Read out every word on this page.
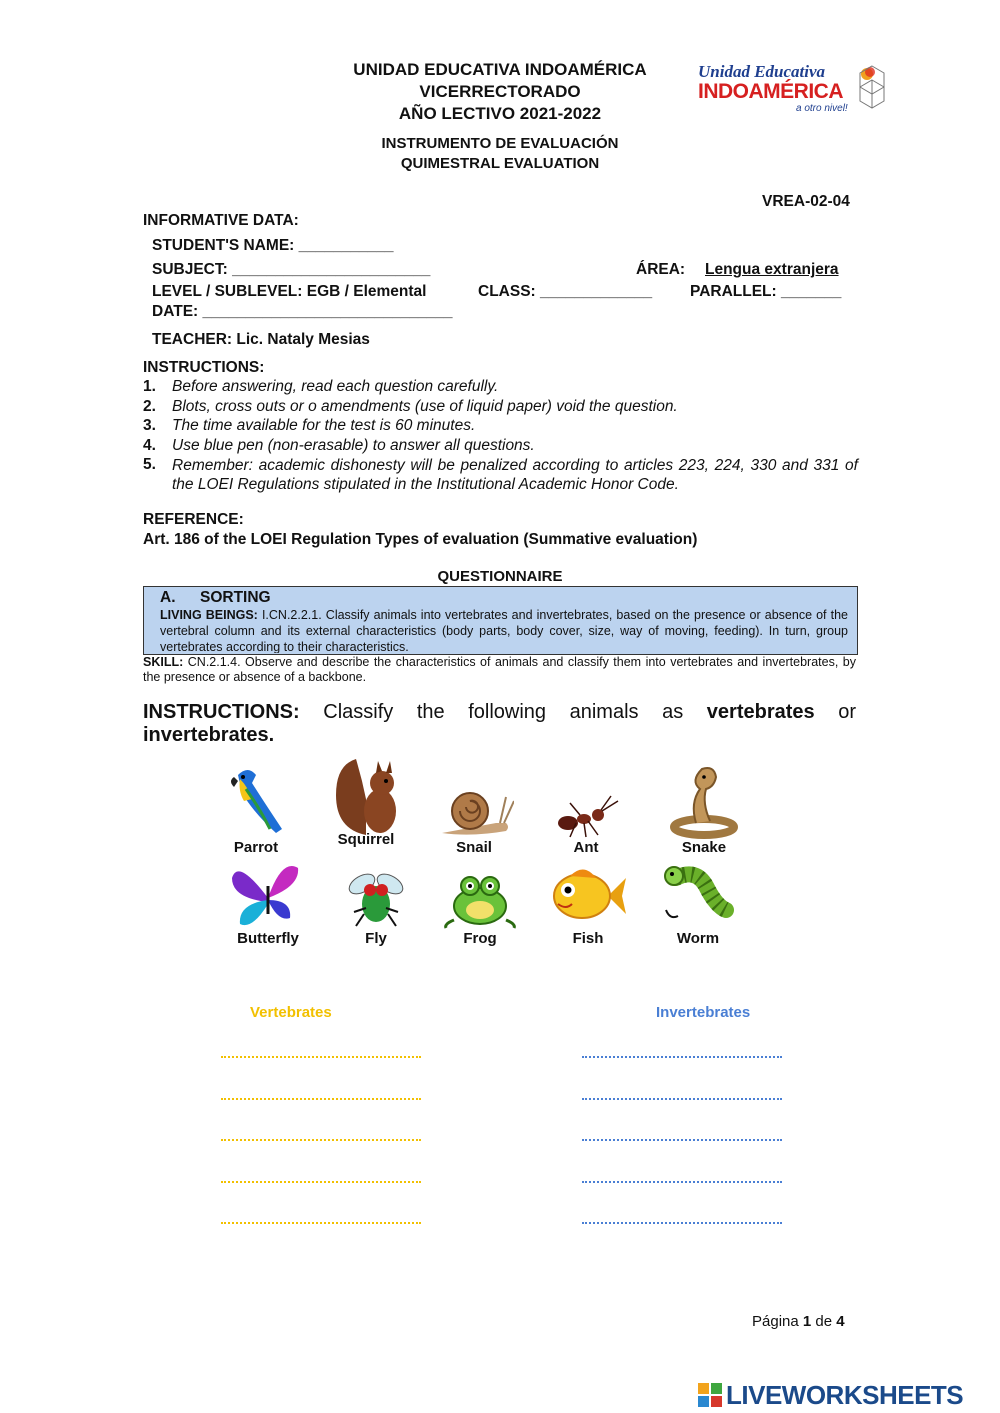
UNIDAD EDUCATIVA INDOAMÉRICA
VICERRECTORADO
AÑO LECTIVO 2021-2022
INSTRUMENTO DE EVALUACIÓN
QUIMESTRAL EVALUATION
Unidad Educativa
INDOAMÉRICA
a otro nivel!
VREA-02-04
INFORMATIVE DATA:
STUDENT'S NAME: ___________
SUBJECT: _______________________	ÁREA: Lengua extranjera
LEVEL / SUBLEVEL: EGB / Elemental	CLASS: _____________ PARALLEL: _______
DATE: _____________________________
TEACHER: Lic. Nataly Mesias
INSTRUCTIONS:
1. Before answering, read each question carefully.
2. Blots, cross outs or o amendments (use of liquid paper) void the question.
3. The time available for the test is 60 minutes.
4. Use blue pen (non-erasable) to answer all questions.
5. Remember: academic dishonesty will be penalized according to articles 223, 224, 330 and 331 of the LOEI Regulations stipulated in the Institutional Academic Honor Code.
REFERENCE:
Art. 186 of the LOEI Regulation Types of evaluation (Summative evaluation)
QUESTIONNAIRE
A. SORTING
LIVING BEINGS: I.CN.2.2.1. Classify animals into vertebrates and invertebrates, based on the presence or absence of the vertebral column and its external characteristics (body parts, body cover, size, way of moving, feeding). In turn, group vertebrates according to their characteristics.
SKILL: CN.2.1.4. Observe and describe the characteristics of animals and classify them into vertebrates and invertebrates, by the presence or absence of a backbone.
INSTRUCTIONS: Classify the following animals as vertebrates or
invertebrates.
Parrot	Squirrel	Snail	Ant	Snake
Butterfly	Fly	Frog	Fish	Worm
Vertebrates	Invertebrates
Página 1 de 4
LIVEWORKSHEETS
